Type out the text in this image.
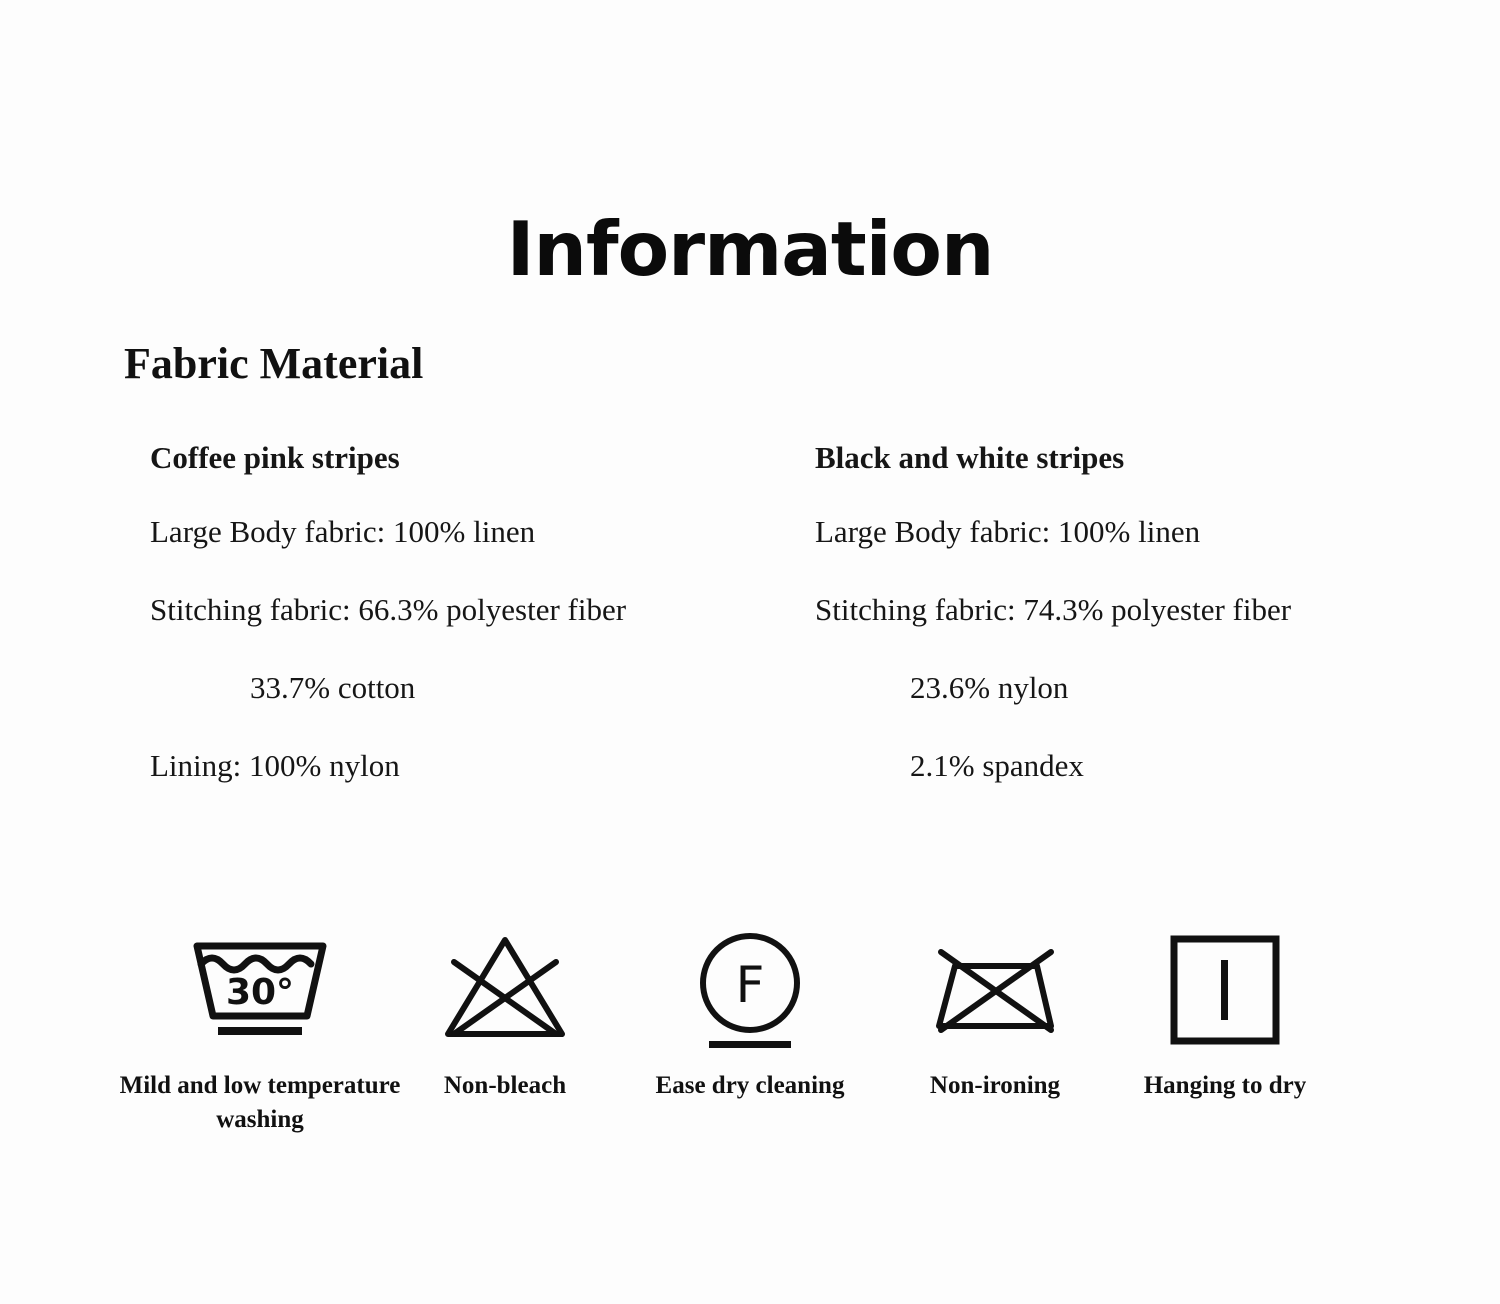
Information
Fabric Material
Coffee pink stripes
Large Body fabric: 100% linen
Stitching fabric: 66.3% polyester fiber
33.7% cotton
Lining: 100% nylon
Black and white stripes
Large Body fabric: 100% linen
Stitching fabric: 74.3% polyester fiber
23.6% nylon
2.1% spandex
30°
Mild and low temperature washing
Non-bleach
F
Ease dry cleaning	Non-ironing	Hanging to dry
